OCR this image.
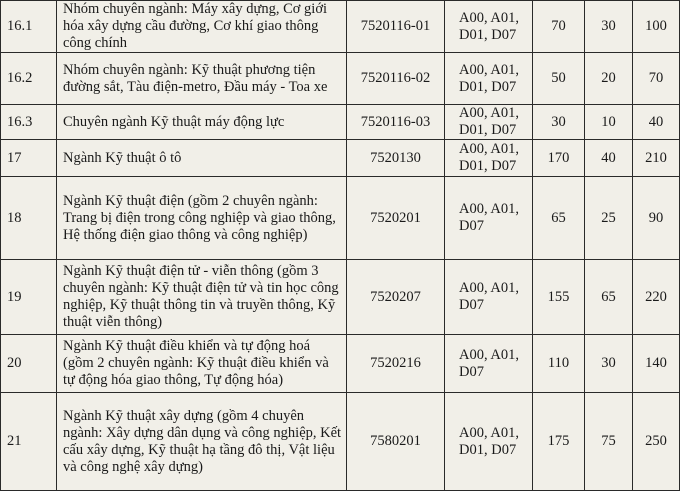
16.1	Nhóm chuyên ngành: Máy xây dựng, Cơ giới hóa xây dựng cầu đường, Cơ khí giao thông công chính	7520116-01	A00, A01, D01, D07	70	30	100
16.2	Nhóm chuyên ngành: Kỹ thuật phương tiện đường sắt, Tàu điện-metro, Đầu máy - Toa xe	7520116-02	A00, A01, D01, D07	50	20	70
16.3	Chuyên ngành Kỹ thuật máy động lực	7520116-03	A00, A01, D01, D07	30	10	40
17	Ngành Kỹ thuật ô tô	7520130	A00, A01, D01, D07	170	40	210
18	Ngành Kỹ thuật điện (gồm 2 chuyên ngành: Trang bị điện trong công nghiệp và giao thông, Hệ thống điện giao thông và công nghiệp)	7520201	A00, A01, D07	65	25	90
19	Ngành Kỹ thuật điện tử - viễn thông (gồm 3 chuyên ngành: Kỹ thuật điện tử và tin học công nghiệp, Kỹ thuật thông tin và truyền thông, Kỹ thuật viễn thông)	7520207	A00, A01, D07	155	65	220
20	Ngành Kỹ thuật điều khiển và tự động hoá (gồm 2 chuyên ngành: Kỹ thuật điều khiển và tự động hóa giao thông, Tự động hóa)	7520216	A00, A01, D07	110	30	140
21	Ngành Kỹ thuật xây dựng (gồm 4 chuyên ngành: Xây dựng dân dụng và công nghiệp, Kết cấu xây dựng, Kỹ thuật hạ tầng đô thị, Vật liệu và công nghệ xây dựng)	7580201	A00, A01, D01, D07	175	75	250
